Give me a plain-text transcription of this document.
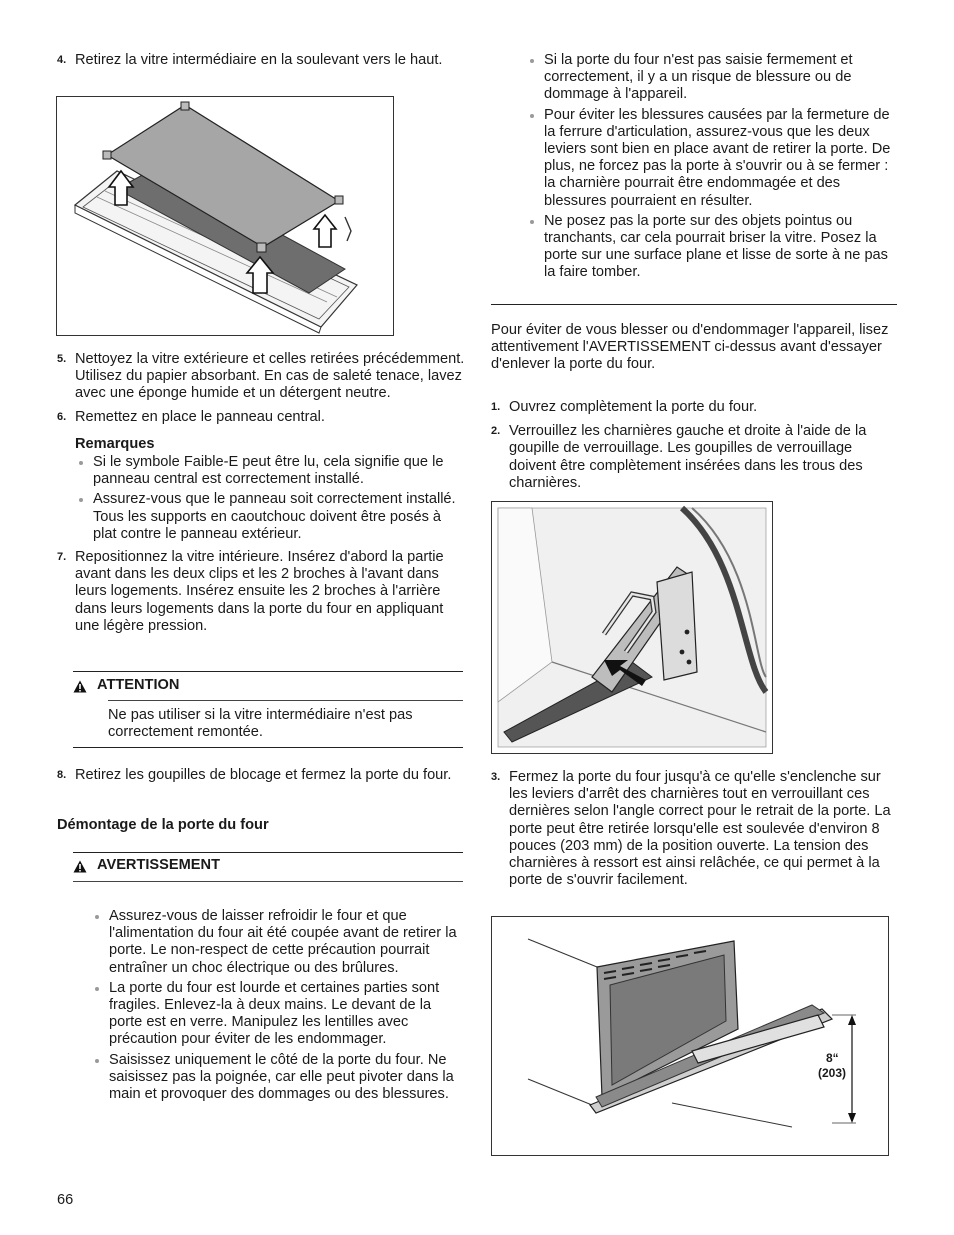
4. Retirez la vitre intermédiaire en la soulevant vers le haut.

5. Nettoyez la vitre extérieure et celles retirées précédemment. Utilisez du papier absorbant. En cas de saleté tenace, lavez avec une éponge humide et un détergent neutre.

6. Remettez en place le panneau central.

Remarques

Si le symbole Faible-E peut être lu, cela signifie que le panneau central est correctement installé.

Assurez-vous que le panneau soit correctement installé. Tous les supports en caoutchouc doivent être posés à plat contre le panneau extérieur.

7. Repositionnez la vitre intérieure. Insérez d'abord la partie avant dans les deux clips et les 2 broches à l'avant dans leurs logements. Insérez ensuite les 2 broches à l'arrière dans leurs logements dans la porte du four en appliquant une légère pression.

ATTENTION

Ne pas utiliser si la vitre intermédiaire n'est pas correctement remontée.

8. Retirez les goupilles de blocage et fermez la porte du four.

Démontage de la porte du four

AVERTISSEMENT

Assurez-vous de laisser refroidir le four et que l'alimentation du four ait été coupée avant de retirer la porte. Le non-respect de cette précaution pourrait entraîner un choc électrique ou des brûlures.

La porte du four est lourde et certaines parties sont fragiles. Enlevez-la à deux mains. Le devant de la porte est en verre. Manipulez les lentilles avec précaution pour éviter de les endommager.

Saisissez uniquement le côté de la porte du four. Ne saisissez pas la poignée, car elle peut pivoter dans la main et provoquer des dommages ou des blessures.

66

Si la porte du four n'est pas saisie fermement et correctement, il y a un risque de blessure ou de dommage à l'appareil.

Pour éviter les blessures causées par la fermeture de la ferrure d'articulation, assurez-vous que les deux leviers sont bien en place avant de retirer la porte. De plus, ne forcez pas la porte à s'ouvrir ou à se fermer : la charnière pourrait être endommagée et des blessures pourraient en résulter.

Ne posez pas la porte sur des objets pointus ou tranchants, car cela pourrait briser la vitre. Posez la porte sur une surface plane et lisse de sorte à ne pas la faire tomber.

Pour éviter de vous blesser ou d'endommager l'appareil, lisez attentivement l'AVERTISSEMENT ci-dessus avant d'essayer d'enlever la porte du four.

1. Ouvrez complètement la porte du four.

2. Verrouillez les charnières gauche et droite à l'aide de la goupille de verrouillage. Les goupilles de verrouillage doivent être complètement insérées dans les trous des charnières.

3. Fermez la porte du four jusqu'à ce qu'elle s'enclenche sur les leviers d'arrêt des charnières tout en verrouillant ces dernières selon l'angle correct pour le retrait de la porte. La porte peut être retirée lorsqu'elle est soulevée d'environ 8 pouces (203 mm) de la position ouverte. La tension des charnières à ressort est ainsi relâchée, ce qui permet à la porte de s'ouvrir facilement.

8“
(203)
